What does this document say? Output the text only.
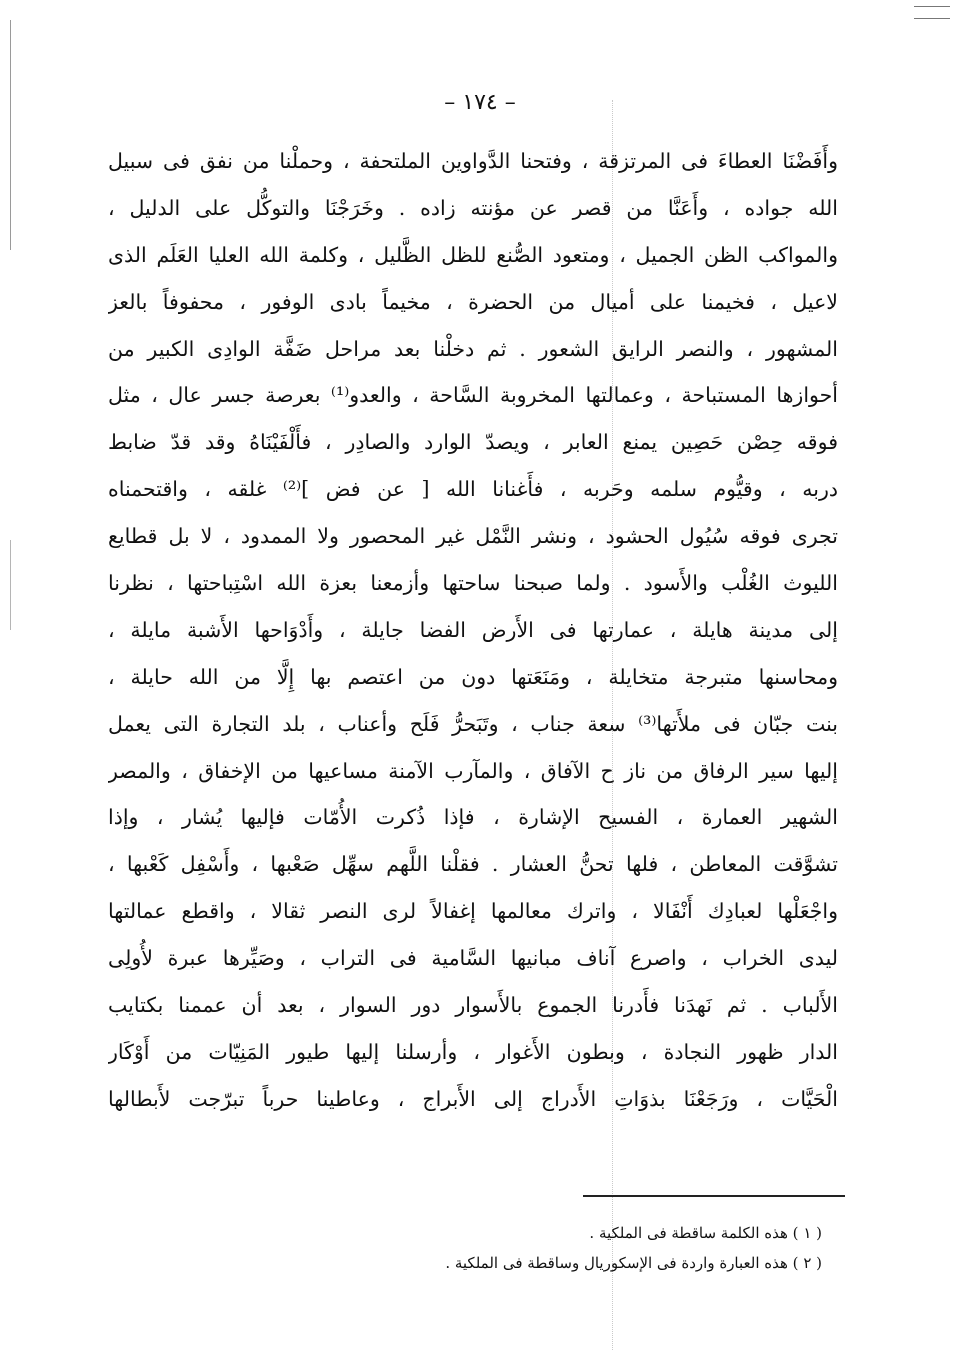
– ١٧٤ –
وأَفَضْنَا العطاءَ فى المرتزقة ، وفتحنا الدَّواوين الملتحفة ، وحملْنا من نفق فى سبيل
الله جواده ، وأَعَنَّا من قصر عن مؤنته زاده . وخَرَجْنَا والتوكُّل على الدليل ،
والمواكب الظن الجميل ، ومتعود الصُّنع للظل الظَّليل ، وكلمة الله العليا العَلَم الذى
لاعيل ، فخيمنا على أميال من الحضرة ، مخيماً بادى الوفور ، محفوفاً بالعز
المشهور ، والنصر الرايق الشعور . ثم دخلْنا بعد مراحل ضَفَّة الوادِى الكبير من
أحوازها المستباحة ، وعمالتها المخروبة السَّاحة ، والعدو⁽¹⁾ بعرصة جسر عال ، مثل
فوقه حِصْن حَصِين يمنع العابر ، ويصدّ الوارد والصادِر ، فأَلْفَيْنَاهُ وقد قدّ ضابط
دربه ، وقيُّوم سلمه وحَربه ، فأَغنانا الله [ عن فض ]⁽²⁾ غلقه ، واقتحمناه
تجرى فوقه سُيُول الحشود ، ونشر النَّمْل غير المحصور ولا الممدود ، لا بل قطايع
الليوث الغُلْب والأَسود . ولما صبحنا ساحتها وأزمعنا بعزة الله اسْتِباحتها ، نظرنا
إلى مدينة هايلة ، عمارتها فى الأَرض الفضا جايلة ، وأَدْوَاحها الأَشبة مايلة ،
ومحاسنها متبرجة متخايلة ، ومَنَعَتها دون من اعتصم بها إِلَّا من الله حايلة ،
بنت جبّان فى ملأَتها⁽³⁾ سعة جناب ، وتَبَحرُّ فَلَح وأعناب ، بلد التجارة التى يعمل
إليها سير الرفاق من ناز ح الآفاق ، والمآرب الآمنة مساعيها من الإخفاق ، والمصر
الشهير العمارة ، الفسيح الإشارة ، فإذا ذُكرت الأُمّات فإليها يُشار ، وإذا
تشوَّقت المعاطن ، فلها تحنُّ العشار . فقلْنا اللَّهم سهِّل صَعْبها ، وأَسْفِل كَعْبها ،
واجْعَلْها لعبادِك أَنْفَالا ، واترك معالمها إغفالاً لرى النصر ثقالا ، واقطع عمالتها
ليدى الخراب ، واصرع آناف مبانيها السَّامية فى التراب ، وصَيِّرها عبرة لأُولِى
الأَلباب . ثم نَهدَنا فأَدرنا الجموع بالأَسوار دور السوار ، بعد أن عممنا بكتايب
الدار ظهور النجادة ، وبطون الأَغوار ، وأرسلنا إليها طيور المَنِيّات من أَوْكَار
الْحَيَّات ، ورَجَعْنَا بذوَاتِ الأَدراج إلى الأَبراج ، وعاطينا حرباً تبرّجت لأَبطالها
( ١ ) هذه الكلمة ساقطة فى الملكية .
( ٢ ) هذه العبارة واردة فى الإسكوريال وساقطة فى الملكية .
